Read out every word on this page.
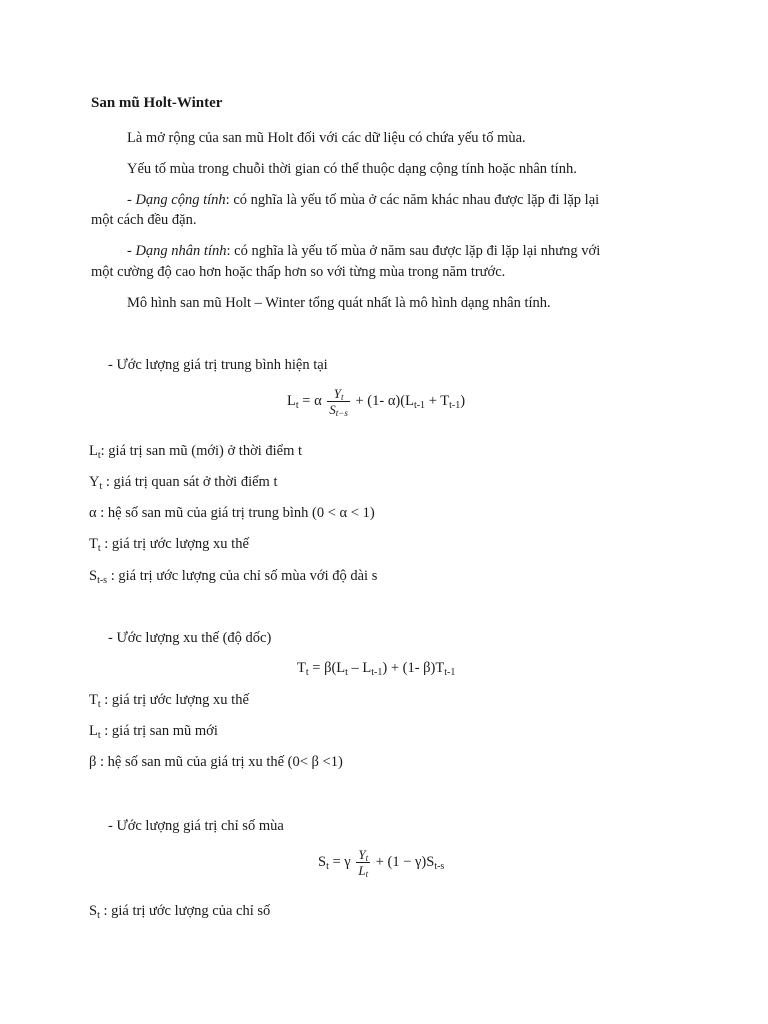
San mũ Holt-Winter
Là mở rộng của san mũ Holt đối với các dữ liệu có chứa yếu tố mùa.
Yếu tố mùa trong chuỗi thời gian có thể thuộc dạng cộng tính hoặc nhân tính.
- Dạng cộng tính: có nghĩa là yếu tố mùa ở các năm khác nhau được lặp đi lặp lại
một cách đều đặn.
- Dạng nhân tính: có nghĩa là yếu tố mùa ở năm sau được lặp đi lặp lại nhưng với
một cường độ cao hơn hoặc thấp hơn so với từng mùa trong năm trước.
Mô hình san mũ Holt – Winter tổng quát nhất là mô hình dạng nhân tính.
- Ước lượng giá trị trung bình hiện tại
$L_t = \alpha \frac{Y_t}{S_{t-s}} + (1-$ $\alpha)(L_{t-1} + T_{t-1})$
$L_t$: giá trị san mũ (mới) ở thời điểm t
$Y_t$ : giá trị quan sát ở thời điểm t
α : hệ số san mũ của giá trị trung bình (0 < α < 1)
$T_t$ : giá trị ước lượng xu thế
$S_{t-s}$ : giá trị ước lượng của chỉ số mùa với độ dài s
- Ước lượng xu thế (độ dốc)
$T_t = \beta(L_t - L_{t-1}) + (1-$ $\beta)T_{t-1}$
$T_t$ : giá trị ước lượng xu thế
$L_t$ : giá trị san mũ mới
β : hệ số san mũ của giá trị xu thế (0< β <1)
- Ước lượng giá trị chỉ số mùa
$S_t = \gamma \frac{Y_t}{L_t} + (1 - \gamma)S_{t-s}$
$S_t$ : giá trị ước lượng của chỉ số
